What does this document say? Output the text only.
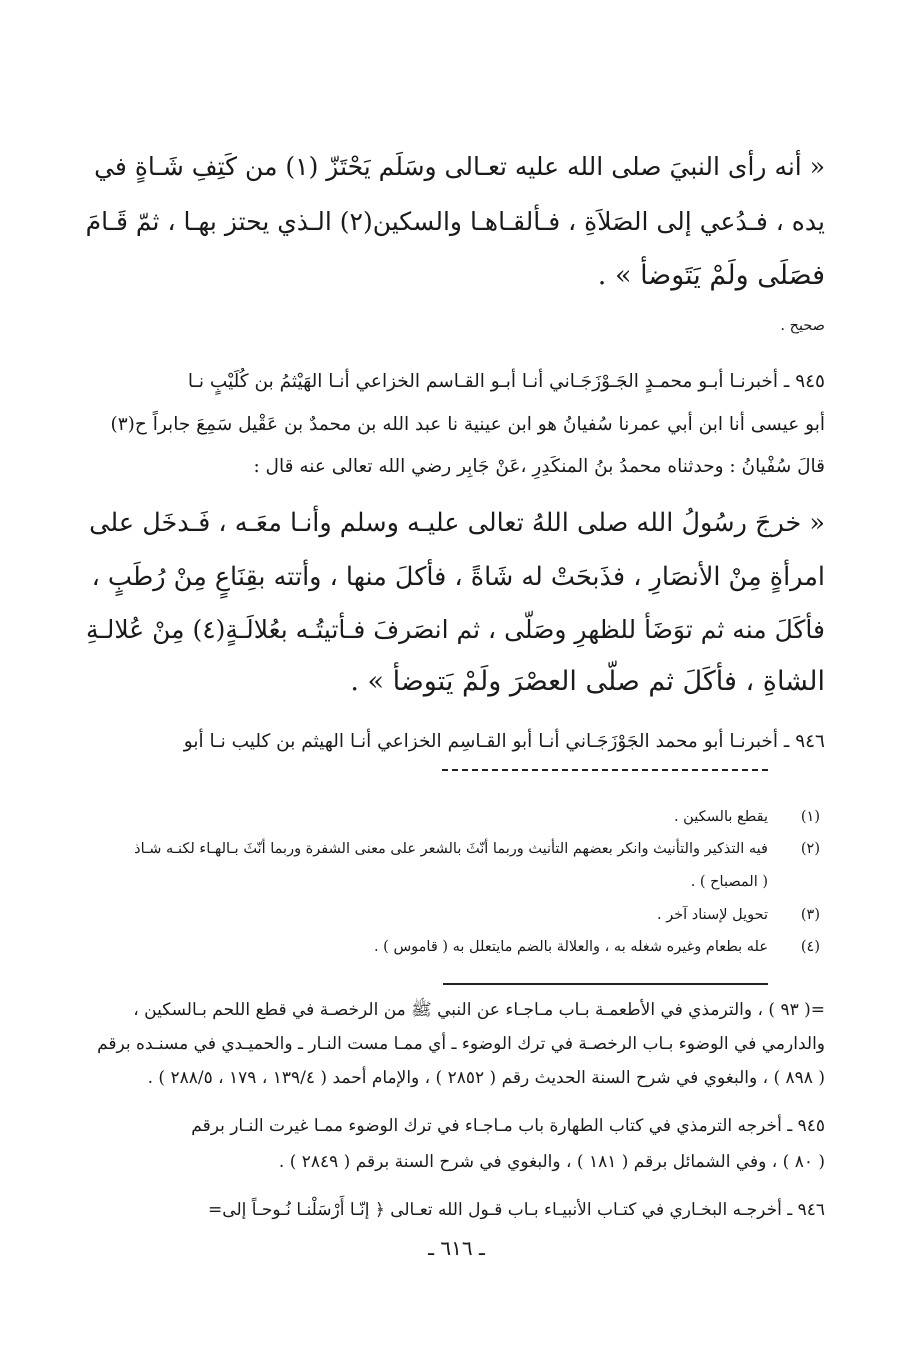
« أنه رأى النبيَ صلى الله عليه تعـالى وسَلَم يَحْتَزّ (١) من كَتِفِ شَـاةٍ في
يده ، فـدُعي إلى الصَلاَةِ ، فـألقـاهـا والسكين(٢) الـذي يحتز بهـا ، ثمّ قَـامَ
فصَلَى ولَمْ يَتَوضأ » .
صحيح .
٩٤٥ ـ أخبرنـا أبـو محمـدٍ الجَـوْزَجَـاني أنـا أبـو القـاسم الخزاعي أنـا الهَيْثمُ بن كُلَيْبٍ نـا
أبو عيسى أنا ابن أبي عمرنا سُفيانُ هو ابن عينية نا عبد الله بن محمدٌ بن عَقْيل سَمِعَ جابراً ح(٣)
قالَ سُفْيانُ : وحدثناه محمدُ بنُ المنكَدِرِ ،عَنْ جَابِر رضي الله تعالى عنه قال :
« خرجَ رسُولُ الله صلى اللهُ تعالى عليـه وسلم وأنـا معَـه ، فَـدخَل على
امرأةٍ مِنْ الأنصَارِ ، فذَبحَتْ له شَاةً ، فأكلَ منها ، وأتته بقِنَاعٍ مِنْ رُطَبٍ ،
فأكَلَ منه ثم توَضَأ للظهرِ وصَلّى ، ثم انصَرفَ فـأتيتُـه بعُلالَـةٍ(٤) مِنْ عُلالـةِ
الشاةِ ، فأكَلَ ثم صلّى العصْرَ ولَمْ يَتوضأ » .
٩٤٦ ـ أخبرنـا أبو محمد الجَوْزَجَـاني أنـا أبو القـاسِم الخزاعي أنـا الهيثم بن كليب نـا أبو
(١)
يقطع بالسكين .
(٢)
فيه التذكير والتأنيث وانكر بعضهم التأنيث وربما أنّثَ بالشعر على معنى الشفرة وربما أنّثَ بـالهـاء لكنـه شـاذ
( المصباح ) .
(٣)
تحويل لإسناد آخر .
(٤)
عله بطعام وغيره شغله به ، والعلالة بالضم مايتعلل به ( قاموس ) .
=( ٩٣ ) ، والترمذي في الأطعمـة بـاب مـاجـاء عن النبي ﷺ من الرخصـة في قطع اللحم بـالسكين ،
والدارمي في الوضوء بـاب الرخصـة في ترك الوضوء ـ أي ممـا مست النـار ـ والحميـدي في مسنـده برقم
( ٨٩٨ ) ، والبغوي في شرح السنة الحديث رقم ( ٢٨٥٢ ) ، والإمام أحمد ( ١٣٩/٤ ، ١٧٩ ، ٢٨٨/٥ ) .
٩٤٥ ـ أخرجه الترمذي في كتاب الطهارة باب مـاجـاء في ترك الوضوء ممـا غيرت النـار برقم
( ٨٠ ) ، وفي الشمائل برقم ( ١٨١ ) ، والبغوي في شرح السنة برقم ( ٢٨٤٩ ) .
٩٤٦ ـ أخرجـه البخـاري في كتـاب الأنبيـاء بـاب قـول الله تعـالى ﴿ إنّـا أَرْسَلْنـا نُـوحـاً إلى=
ـ ٦١٦ ـ
